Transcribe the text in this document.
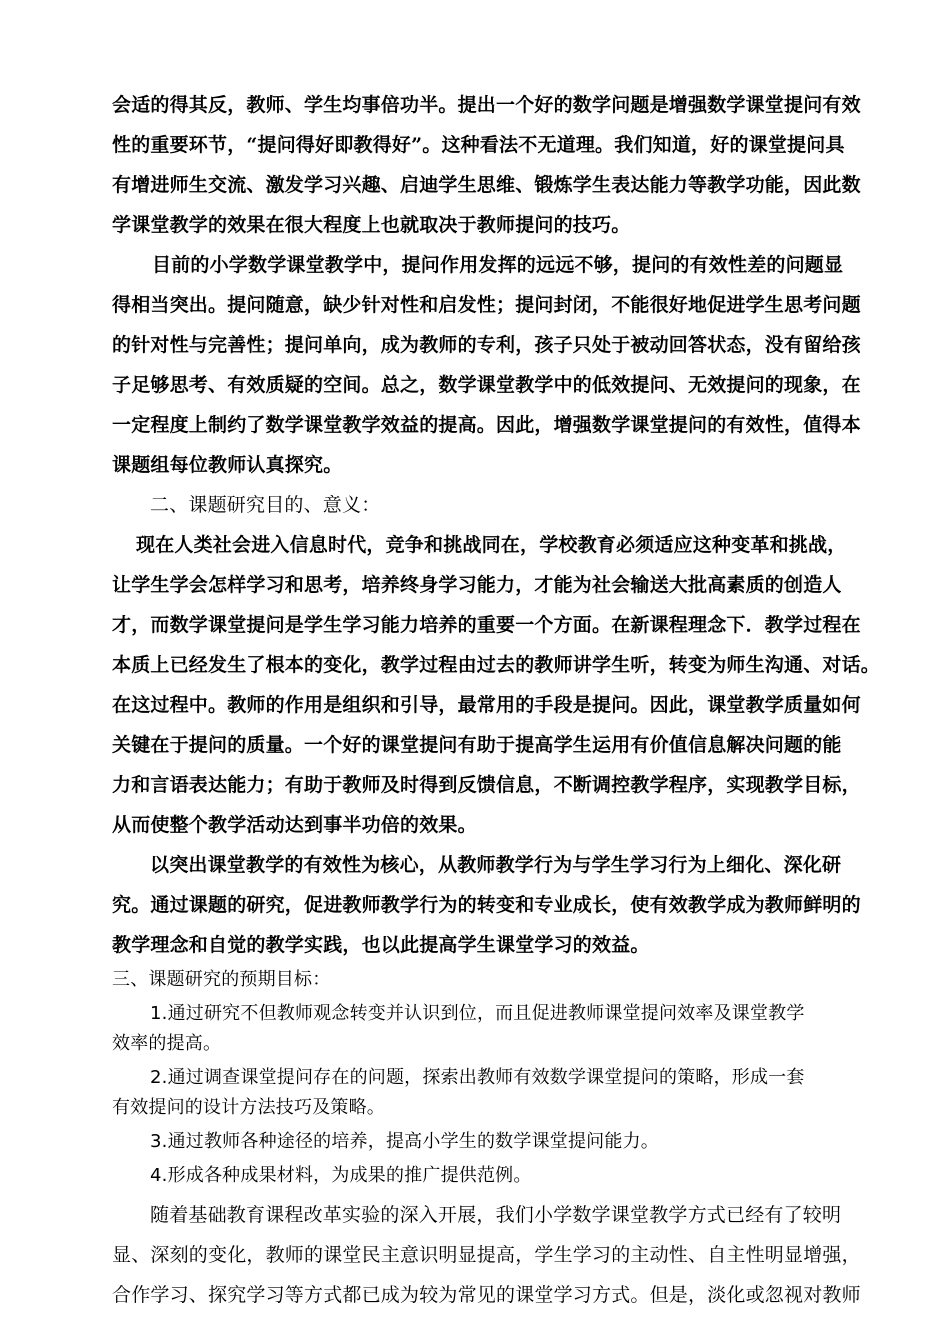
会适的得其反，教师、学生均事倍功半。提出一个好的数学问题是增强数学课堂提问有效
性的重要环节，“提问得好即教得好”。这种看法不无道理。我们知道，好的课堂提问具
有增进师生交流、激发学习兴趣、启迪学生思维、锻炼学生表达能力等教学功能，因此数
学课堂教学的效果在很大程度上也就取决于教师提问的技巧。
目前的小学数学课堂教学中，提问作用发挥的远远不够，提问的有效性差的问题显
得相当突出。提问随意，缺少针对性和启发性；提问封闭，不能很好地促进学生思考问题
的针对性与完善性；提问单向，成为教师的专利，孩子只处于被动回答状态，没有留给孩
子足够思考、有效质疑的空间。总之，数学课堂教学中的低效提问、无效提问的现象，在
一定程度上制约了数学课堂教学效益的提高。因此，增强数学课堂提问的有效性，值得本
课题组每位教师认真探究。
二、课题研究目的、意义：
现在人类社会进入信息时代，竞争和挑战同在，学校教育必须适应这种变革和挑战，
让学生学会怎样学习和思考，培养终身学习能力，才能为社会输送大批高素质的创造人
才，而数学课堂提问是学生学习能力培养的重要一个方面。在新课程理念下．教学过程在
本质上已经发生了根本的变化，教学过程由过去的教师讲学生听，转变为师生沟通、对话。
在这过程中。教师的作用是组织和引导，最常用的手段是提问。因此，课堂教学质量如何
关键在于提问的质量。一个好的课堂提问有助于提高学生运用有价值信息解决问题的能
力和言语表达能力；有助于教师及时得到反馈信息，不断调控教学程序，实现教学目标，
从而使整个教学活动达到事半功倍的效果。
以突出课堂教学的有效性为核心，从教师教学行为与学生学习行为上细化、深化研
究。通过课题的研究，促进教师教学行为的转变和专业成长，使有效教学成为教师鲜明的
教学理念和自觉的教学实践，也以此提高学生课堂学习的效益。
三、课题研究的预期目标：
1.通过研究不但教师观念转变并认识到位，而且促进教师课堂提问效率及课堂教学
效率的提高。
2.通过调查课堂提问存在的问题，探索出教师有效数学课堂提问的策略，形成一套
有效提问的设计方法技巧及策略。
3.通过教师各种途径的培养，提高小学生的数学课堂提问能力。
4.形成各种成果材料，为成果的推广提供范例。
随着基础教育课程改革实验的深入开展，我们小学数学课堂教学方式已经有了较明
显、深刻的变化，教师的课堂民主意识明显提高，学生学习的主动性、自主性明显增强，
合作学习、探究学习等方式都已成为较为常见的课堂学习方式。但是，淡化或忽视对教师
